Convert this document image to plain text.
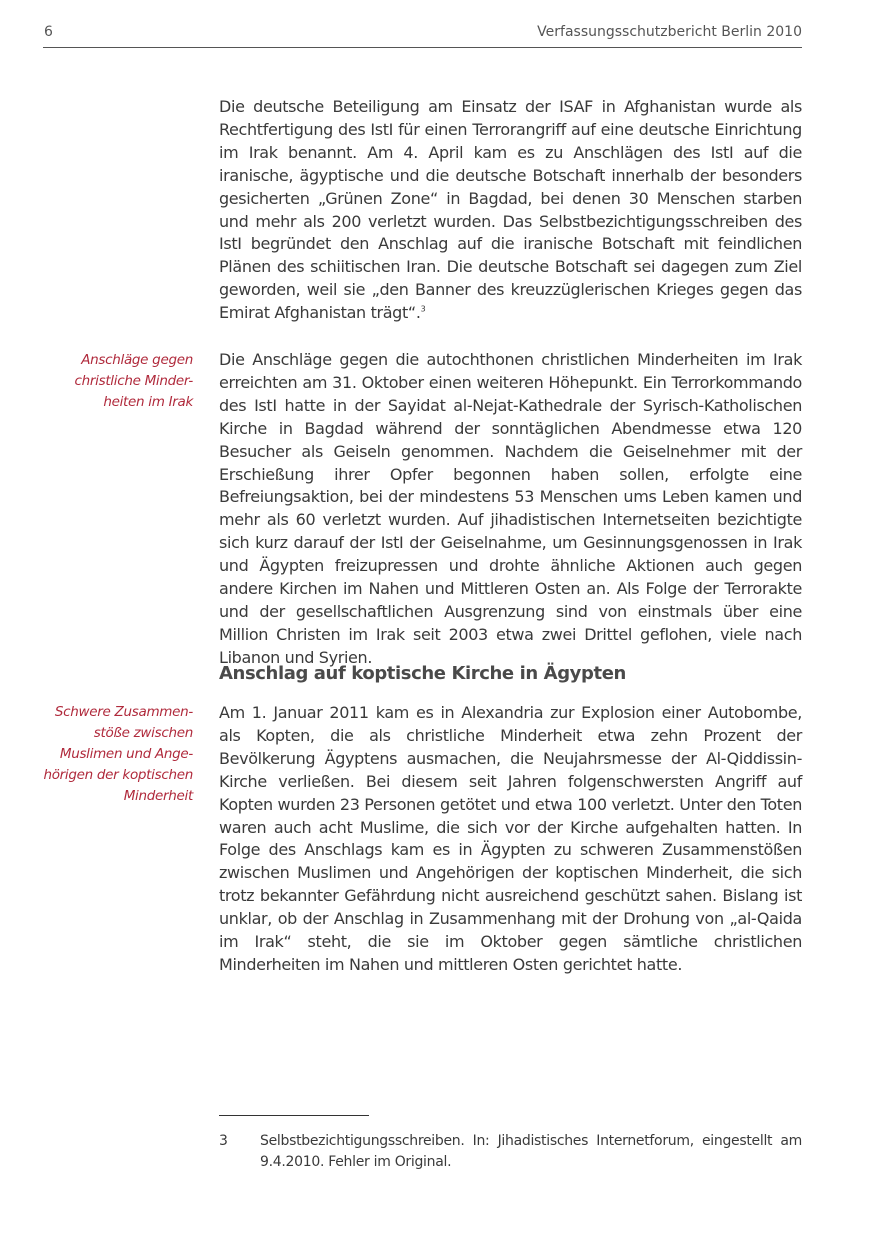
6	Verfassungsschutzbericht Berlin 2010

Die deutsche Beteiligung am Einsatz der ISAF in Afghanistan wurde als Rechtfertigung des IstI für einen Terrorangriff auf eine deutsche Einrichtung im Irak benannt. Am 4. April kam es zu Anschlägen des IstI auf die iranische, ägyptische und die deutsche Botschaft innerhalb der besonders gesicherten „Grünen Zone“ in Bagdad, bei denen 30 Menschen starben und mehr als 200 verletzt wurden. Das Selbstbezichtigungsschreiben des IstI begründet den Anschlag auf die iranische Botschaft mit feindlichen Plänen des schiitischen Iran. Die deutsche Botschaft sei dagegen zum Ziel geworden, weil sie „den Banner des kreuzzüglerischen Krieges gegen das Emirat Afghanistan trägt“.$^3$

Anschläge gegen
christliche Minder-
heiten im Irak

Die Anschläge gegen die autochthonen christlichen Minderheiten im Irak erreichten am 31. Oktober einen weiteren Höhepunkt. Ein Terrorkommando des IstI hatte in der Sayidat al-Nejat-Kathedrale der Syrisch-Katholischen Kirche in Bagdad während der sonntäglichen Abendmesse etwa 120 Besucher als Geiseln genommen. Nachdem die Geiselnehmer mit der Erschießung ihrer Opfer begonnen haben sollen, erfolgte eine Befreiungsaktion, bei der mindestens 53 Menschen ums Leben kamen und mehr als 60 verletzt wurden. Auf jihadistischen Internetseiten bezichtigte sich kurz darauf der IstI der Geiselnahme, um Gesinnungsgenossen in Irak und Ägypten freizupressen und drohte ähnliche Aktionen auch gegen andere Kirchen im Nahen und Mittleren Osten an. Als Folge der Terrorakte und der gesellschaftlichen Ausgrenzung sind von einstmals über eine Million Christen im Irak seit 2003 etwa zwei Drittel geflohen, viele nach Libanon und Syrien.

Anschlag auf koptische Kirche in Ägypten
Schwere Zusammen-
stöße zwischen
Muslimen und Ange-
hörigen der koptischen
Minderheit

Am 1. Januar 2011 kam es in Alexandria zur Explosion einer Autobombe, als Kopten, die als christliche Minderheit etwa zehn Prozent der Bevölkerung Ägyptens ausmachen, die Neujahrsmesse der Al-Qiddissin-Kirche verließen. Bei diesem seit Jahren folgenschwersten Angriff auf Kopten wurden 23 Personen getötet und etwa 100 verletzt. Unter den Toten waren auch acht Muslime, die sich vor der Kirche aufgehalten hatten. In Folge des Anschlags kam es in Ägypten zu schweren Zusammenstößen zwischen Muslimen und Angehörigen der koptischen Minderheit, die sich trotz bekannter Gefährdung nicht ausreichend geschützt sahen. Bislang ist unklar, ob der Anschlag in Zusammenhang mit der Drohung von „al-Qaida im Irak“ steht, die sie im Oktober gegen sämtliche christlichen Minderheiten im Nahen und mittleren Osten gerichtet hatte.

3 Selbstbezichtigungsschreiben. In: Jihadistisches Internetforum, eingestellt am 9.4.2010. Fehler im Original.
